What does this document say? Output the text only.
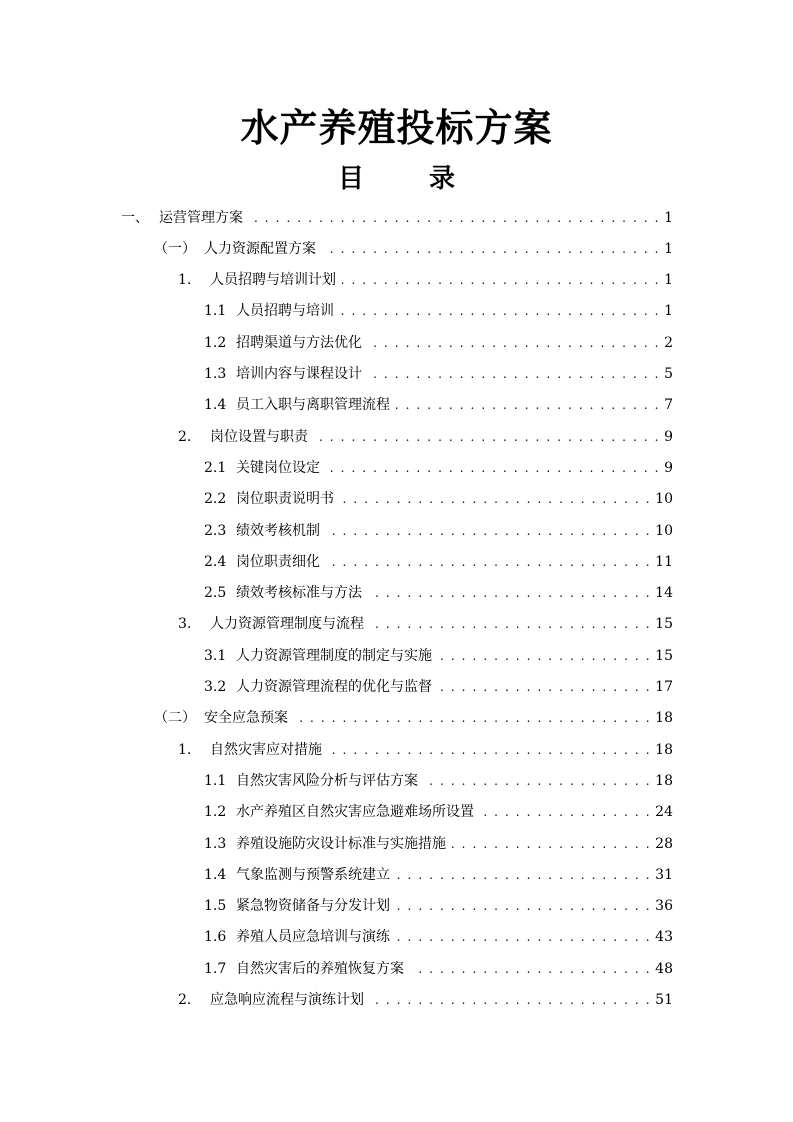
水产养殖投标方案
目 录
一、 运营管理方案 . . .	1
（一） 人力资源配置方案 . . .	1
1.	人员招聘与培训计划 . . .	1
1.1 人员招聘与培训 . . .	1
1.2 招聘渠道与方法优化 . . .	2
1.3 培训内容与课程设计 . . .	5
1.4 员工入职与离职管理流程 . . .	7
2.	岗位设置与职责 . . .	9
2.1 关键岗位设定 . . .	9
2.2 岗位职责说明书 . . .	10
2.3 绩效考核机制 . . .	10
2.4 岗位职责细化 . . .	11
2.5 绩效考核标准与方法 . . .	14
3.	人力资源管理制度与流程 . . .	15
3.1 人力资源管理制度的制定与实施 . . .	15
3.2 人力资源管理流程的优化与监督 . . .	17
（二） 安全应急预案 . . .	18
1.	自然灾害应对措施 . . .	18
1.1 自然灾害风险分析与评估方案 . . .	18
1.2 水产养殖区自然灾害应急避难场所设置 . . .	24
1.3 养殖设施防灾设计标准与实施措施 . . .	28
1.4 气象监测与预警系统建立 . . .	31
1.5 紧急物资储备与分发计划 . . .	36
1.6 养殖人员应急培训与演练 . . .	43
1.7 自然灾害后的养殖恢复方案 . . .	48
2.	应急响应流程与演练计划 . . .	51
